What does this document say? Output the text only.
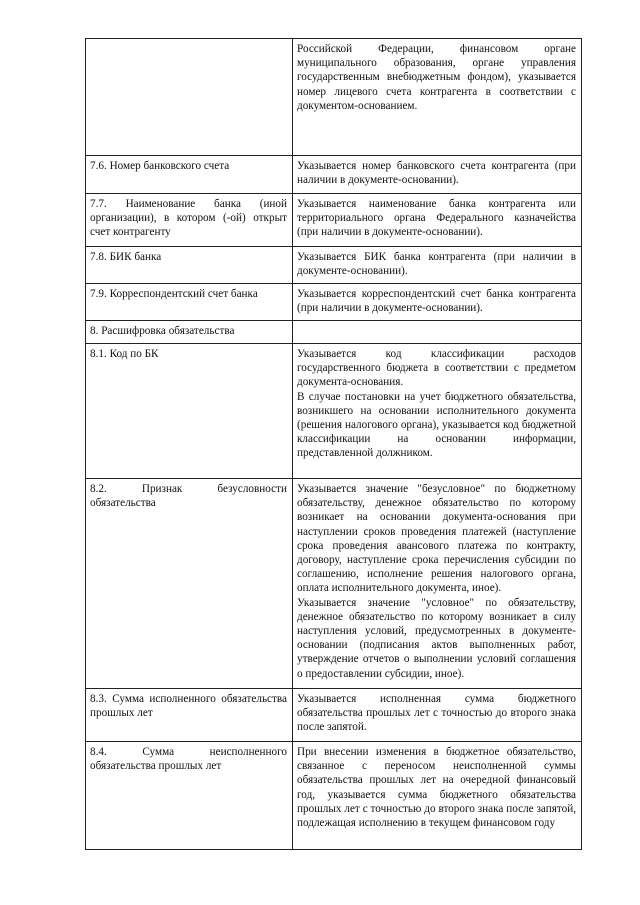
	Российской Федерации, финансовом органе муниципального образования, органе управления государственным внебюджетным фондом), указывается номер лицевого счета контрагента в соответствии с документом-основанием.

7.6. Номер банковского счета	Указывается номер банковского счета контрагента (при наличии в документе-основании).

7.7. Наименование банка (иной организации), в котором (-ой) открыт счет контрагенту	Указывается наименование банка контрагента или территориального органа Федерального казначейства (при наличии в документе-основании).

7.8. БИК банка	Указывается БИК банка контрагента (при наличии в документе-основании).

7.9. Корреспондентский счет банка	Указывается корреспондентский счет банка контрагента (при наличии в документе-основании).

8. Расшифровка обязательства	

8.1. Код по БК	Указывается код классификации расходов государственного бюджета в соответствии с предметом документа-основания.
В случае постановки на учет бюджетного обязательства, возникшего на основании исполнительного документа (решения налогового органа), указывается код бюджетной классификации на основании информации, представленной должником.

8.2. Признак безусловности обязательства	Указывается значение "безусловное" по бюджетному обязательству, денежное обязательство по которому возникает на основании документа-основания при наступлении сроков проведения платежей (наступление срока проведения авансового платежа по контракту, договору, наступление срока перечисления субсидии по соглашению, исполнение решения налогового органа, оплата исполнительного документа, иное).
Указывается значение "условное" по обязательству, денежное обязательство по которому возникает в силу наступления условий, предусмотренных в документе-основании (подписания актов выполненных работ, утверждение отчетов о выполнении условий соглашения о предоставлении субсидии, иное).

8.3. Сумма исполненного обязательства прошлых лет	Указывается исполненная сумма бюджетного обязательства прошлых лет с точностью до второго знака после запятой.

8.4. Сумма неисполненного обязательства прошлых лет	При внесении изменения в бюджетное обязательство, связанное с переносом неисполненной суммы обязательства прошлых лет на очередной финансовый год, указывается сумма бюджетного обязательства прошлых лет с точностью до второго знака после запятой, подлежащая исполнению в текущем финансовом году
